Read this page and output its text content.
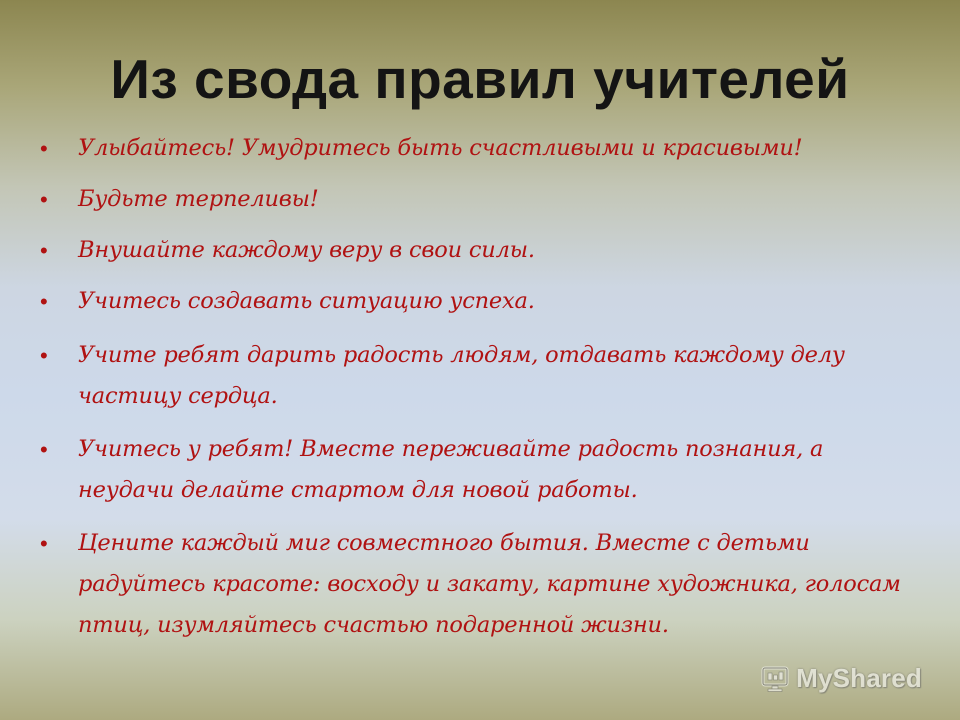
Из свода правил учителей
• Улыбайтесь! Умудритесь быть счастливыми и красивыми!
• Будьте терпеливы!
• Внушайте каждому веру в свои силы.
• Учитесь создавать ситуацию успеха.
• Учите ребят дарить радость людям, отдавать каждому делу частицу сердца.
• Учитесь у ребят! Вместе переживайте радость познания, а неудачи делайте стартом для новой работы.
• Цените каждый миг совместного бытия. Вместе с детьми радуйтесь красоте: восходу и закату, картине художника, голосам птиц, изумляйтесь счастью подаренной жизни.
MyShared
